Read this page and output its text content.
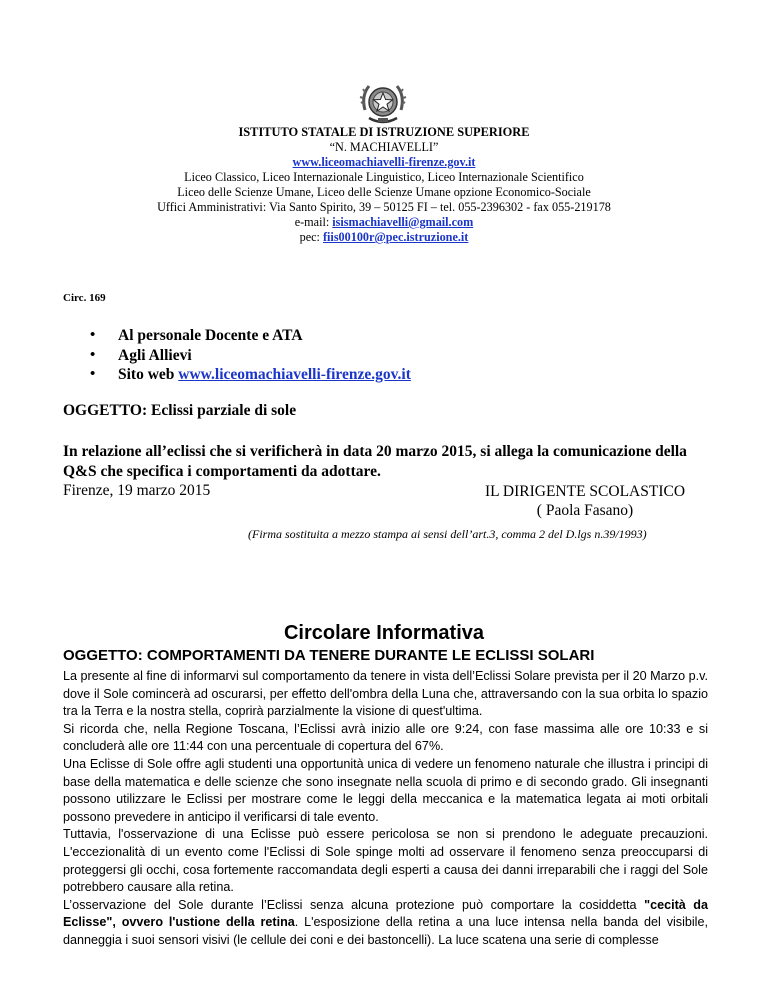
ISTITUTO STATALE DI ISTRUZIONE SUPERIORE
“N. MACHIAVELLI”
www.liceomachiavelli-firenze.gov.it
Liceo Classico, Liceo Internazionale Linguistico, Liceo Internazionale Scientifico
Liceo delle Scienze Umane, Liceo delle Scienze Umane opzione Economico-Sociale
Uffici Amministrativi: Via Santo Spirito, 39 – 50125 FI – tel. 055-2396302 - fax 055-219178
e-mail: isismachiavelli@gmail.com
pec: fiis00100r@pec.istruzione.it
Circ. 169
• Al personale Docente e ATA
• Agli Allievi
• Sito web www.liceomachiavelli-firenze.gov.it
OGGETTO: Eclissi parziale di sole
In relazione all’eclissi che si verificherà in data 20 marzo 2015, si allega la comunicazione della Q&S che specifica i comportamenti da adottare.
Firenze, 19 marzo 2015	IL DIRIGENTE SCOLASTICO
( Paola Fasano)
(Firma sostituita a mezzo stampa ai sensi dell’art.3, comma 2 del D.lgs n.39/1993)
Circolare Informativa
OGGETTO: COMPORTAMENTI DA TENERE DURANTE LE ECLISSI SOLARI

La presente al fine di informarvi sul comportamento da tenere in vista dell’Eclissi Solare prevista per il 20 Marzo p.v. dove il Sole comincerà ad oscurarsi, per effetto dell'ombra della Luna che, attraversando con la sua orbita lo spazio tra la Terra e la nostra stella, coprirà parzialmente la visione di quest'ultima.

Si ricorda che, nella Regione Toscana, l’Eclissi avrà inizio alle ore 9:24, con fase massima alle ore 10:33 e si concluderà alle ore 11:44 con una percentuale di copertura del 67%.

Una Eclisse di Sole offre agli studenti una opportunità unica di vedere un fenomeno naturale che illustra i principi di base della matematica e delle scienze che sono insegnate nella scuola di primo e di secondo grado. Gli insegnanti possono utilizzare le Eclissi per mostrare come le leggi della meccanica e la matematica legata ai moti orbitali possono prevedere in anticipo il verificarsi di tale evento.

Tuttavia, l'osservazione di una Eclisse può essere pericolosa se non si prendono le adeguate precauzioni. L'eccezionalità di un evento come l'Eclissi di Sole spinge molti ad osservare il fenomeno senza preoccuparsi di proteggersi gli occhi, cosa fortemente raccomandata degli esperti a causa dei danni irreparabili che i raggi del Sole potrebbero causare alla retina.

L’osservazione del Sole durante l’Eclissi senza alcuna protezione può comportare la cosiddetta "cecità da Eclisse", ovvero l'ustione della retina. L'esposizione della retina a una luce intensa nella banda del visibile, danneggia i suoi sensori visivi (le cellule dei coni e dei bastoncelli). La luce scatena una serie di complesse
